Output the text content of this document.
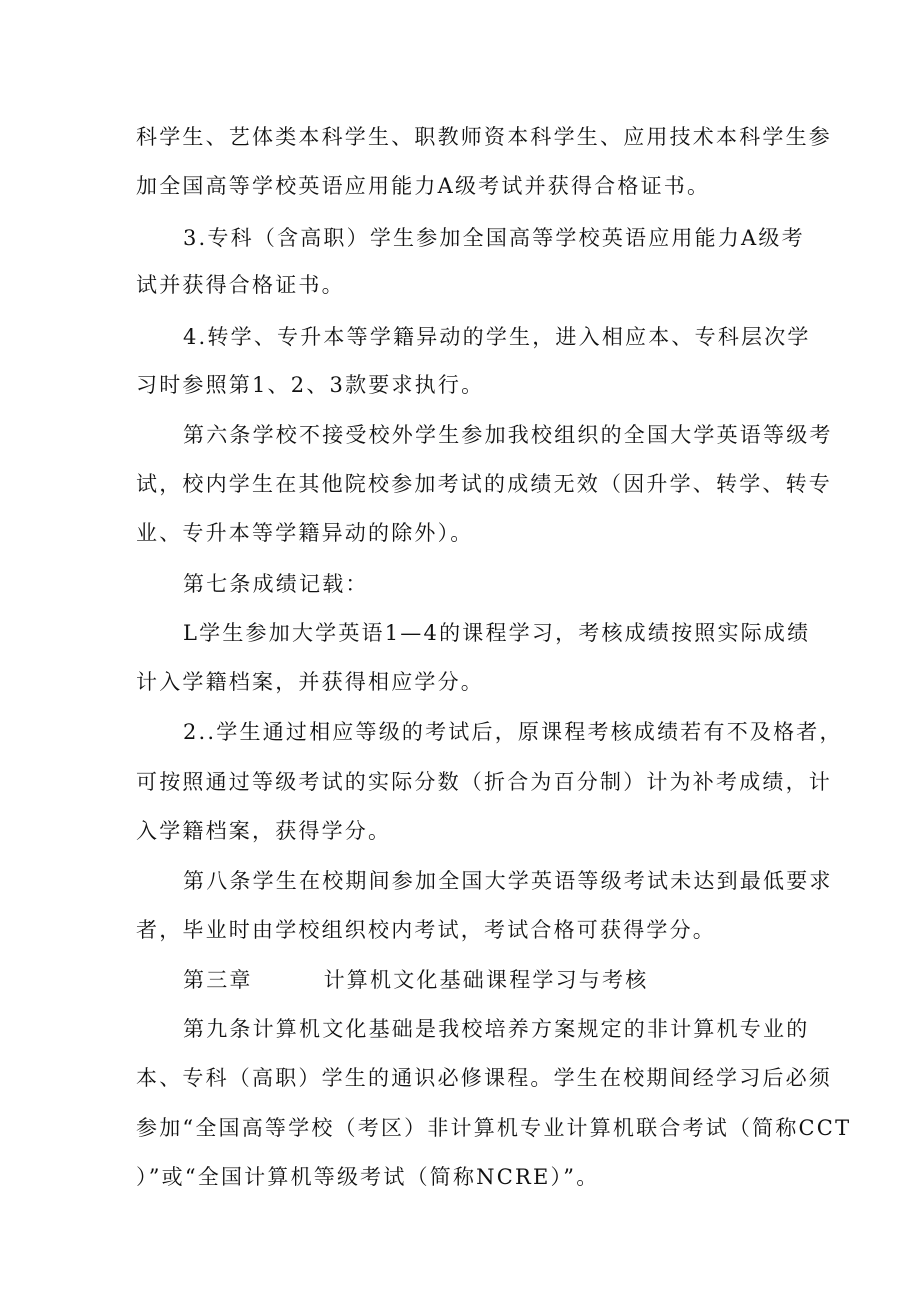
科学生、艺体类本科学生、职教师资本科学生、应用技术本科学生参
加全国高等学校英语应用能力A级考试并获得合格证书。
3.专科（含高职）学生参加全国高等学校英语应用能力A级考
试并获得合格证书。
4.转学、专升本等学籍异动的学生，进入相应本、专科层次学
习时参照第1、2、3款要求执行。
第六条学校不接受校外学生参加我校组织的全国大学英语等级考
试，校内学生在其他院校参加考试的成绩无效（因升学、转学、转专
业、专升本等学籍异动的除外）。
第七条成绩记载：
L学生参加大学英语1—4的课程学习，考核成绩按照实际成绩
计入学籍档案，并获得相应学分。
2..学生通过相应等级的考试后，原课程考核成绩若有不及格者，
可按照通过等级考试的实际分数（折合为百分制）计为补考成绩，计
入学籍档案，获得学分。
第八条学生在校期间参加全国大学英语等级考试未达到最低要求
者，毕业时由学校组织校内考试，考试合格可获得学分。
第三章        计算机文化基础课程学习与考核
第九条计算机文化基础是我校培养方案规定的非计算机专业的
本、专科（高职）学生的通识必修课程。学生在校期间经学习后必须
参加“全国高等学校（考区）非计算机专业计算机联合考试（简称CCT
）”或“全国计算机等级考试（简称NCRE）”。
